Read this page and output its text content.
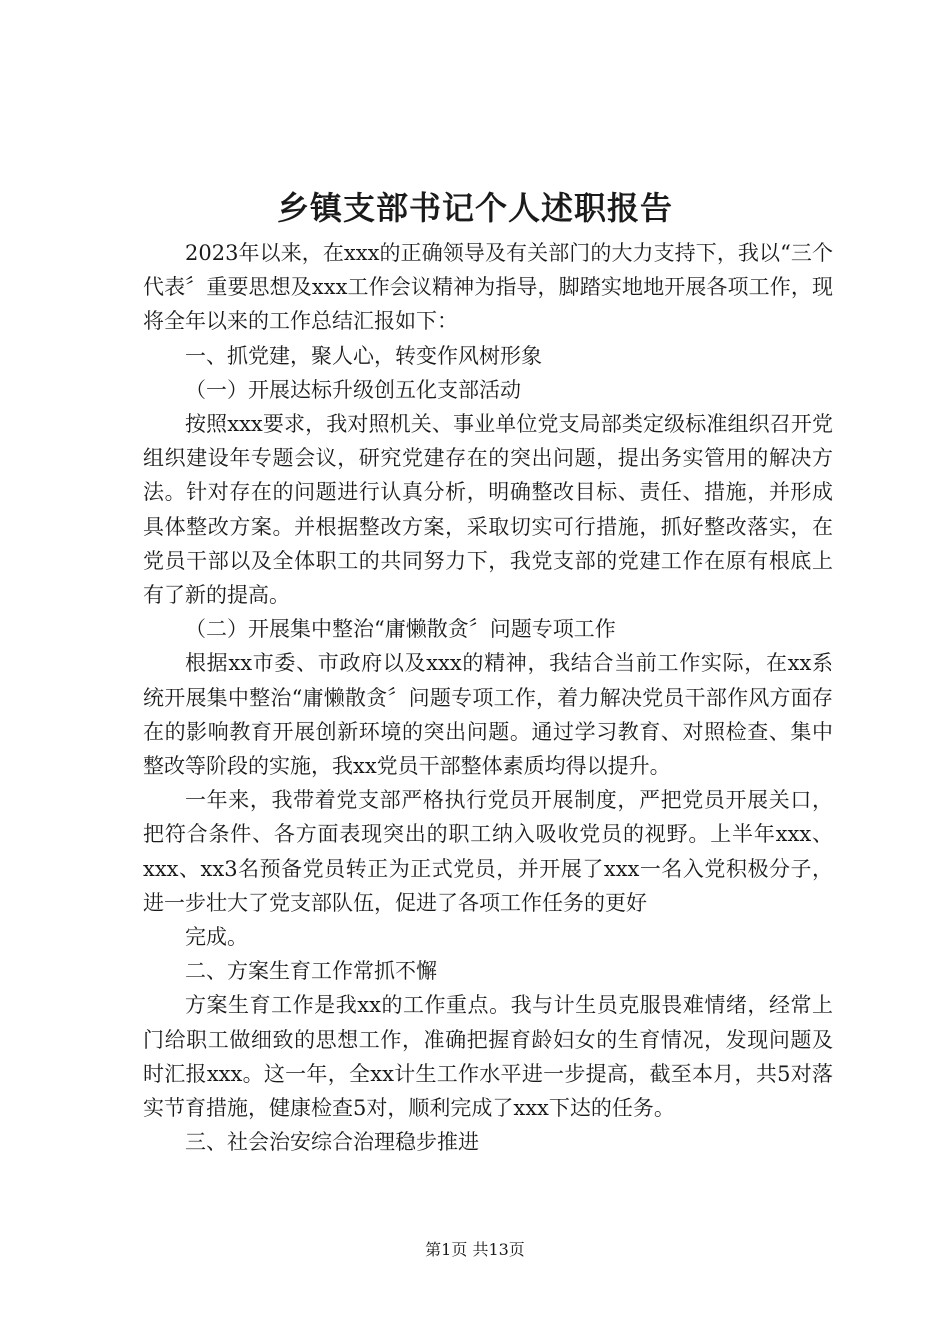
乡镇支部书记个人述职报告

2023年以来，在xxx的正确领导及有关部门的大力支持下，我以“三个代表〞重要思想及xxx工作会议精神为指导，脚踏实地地开展各项工作，现将全年以来的工作总结汇报如下：

一、抓党建，聚人心，转变作风树形象

（一）开展达标升级创五化支部活动

按照xxx要求，我对照机关、事业单位党支局部类定级标准组织召开党组织建设年专题会议，研究党建存在的突出问题，提出务实管用的解决方法。针对存在的问题进行认真分析，明确整改目标、责任、措施，并形成具体整改方案。并根据整改方案，采取切实可行措施，抓好整改落实，在党员干部以及全体职工的共同努力下，我党支部的党建工作在原有根底上有了新的提高。

（二）开展集中整治“庸懒散贪〞问题专项工作

根据xx市委、市政府以及xxx的精神，我结合当前工作实际，在xx系统开展集中整治“庸懒散贪〞问题专项工作，着力解决党员干部作风方面存在的影响教育开展创新环境的突出问题。通过学习教育、对照检查、集中整改等阶段的实施，我xx党员干部整体素质均得以提升。

一年来，我带着党支部严格执行党员开展制度，严把党员开展关口，把符合条件、各方面表现突出的职工纳入吸收党员的视野。上半年xxx、xxx、xx3名预备党员转正为正式党员，并开展了xxx一名入党积极分子，进一步壮大了党支部队伍，促进了各项工作任务的更好

完成。

二、方案生育工作常抓不懈

方案生育工作是我xx的工作重点。我与计生员克服畏难情绪，经常上门给职工做细致的思想工作，准确把握育龄妇女的生育情况，发现问题及时汇报xxx。这一年，全xx计生工作水平进一步提高，截至本月，共5对落实节育措施，健康检查5对，顺利完成了xxx下达的任务。

三、社会治安综合治理稳步推进

第1页 共13页
